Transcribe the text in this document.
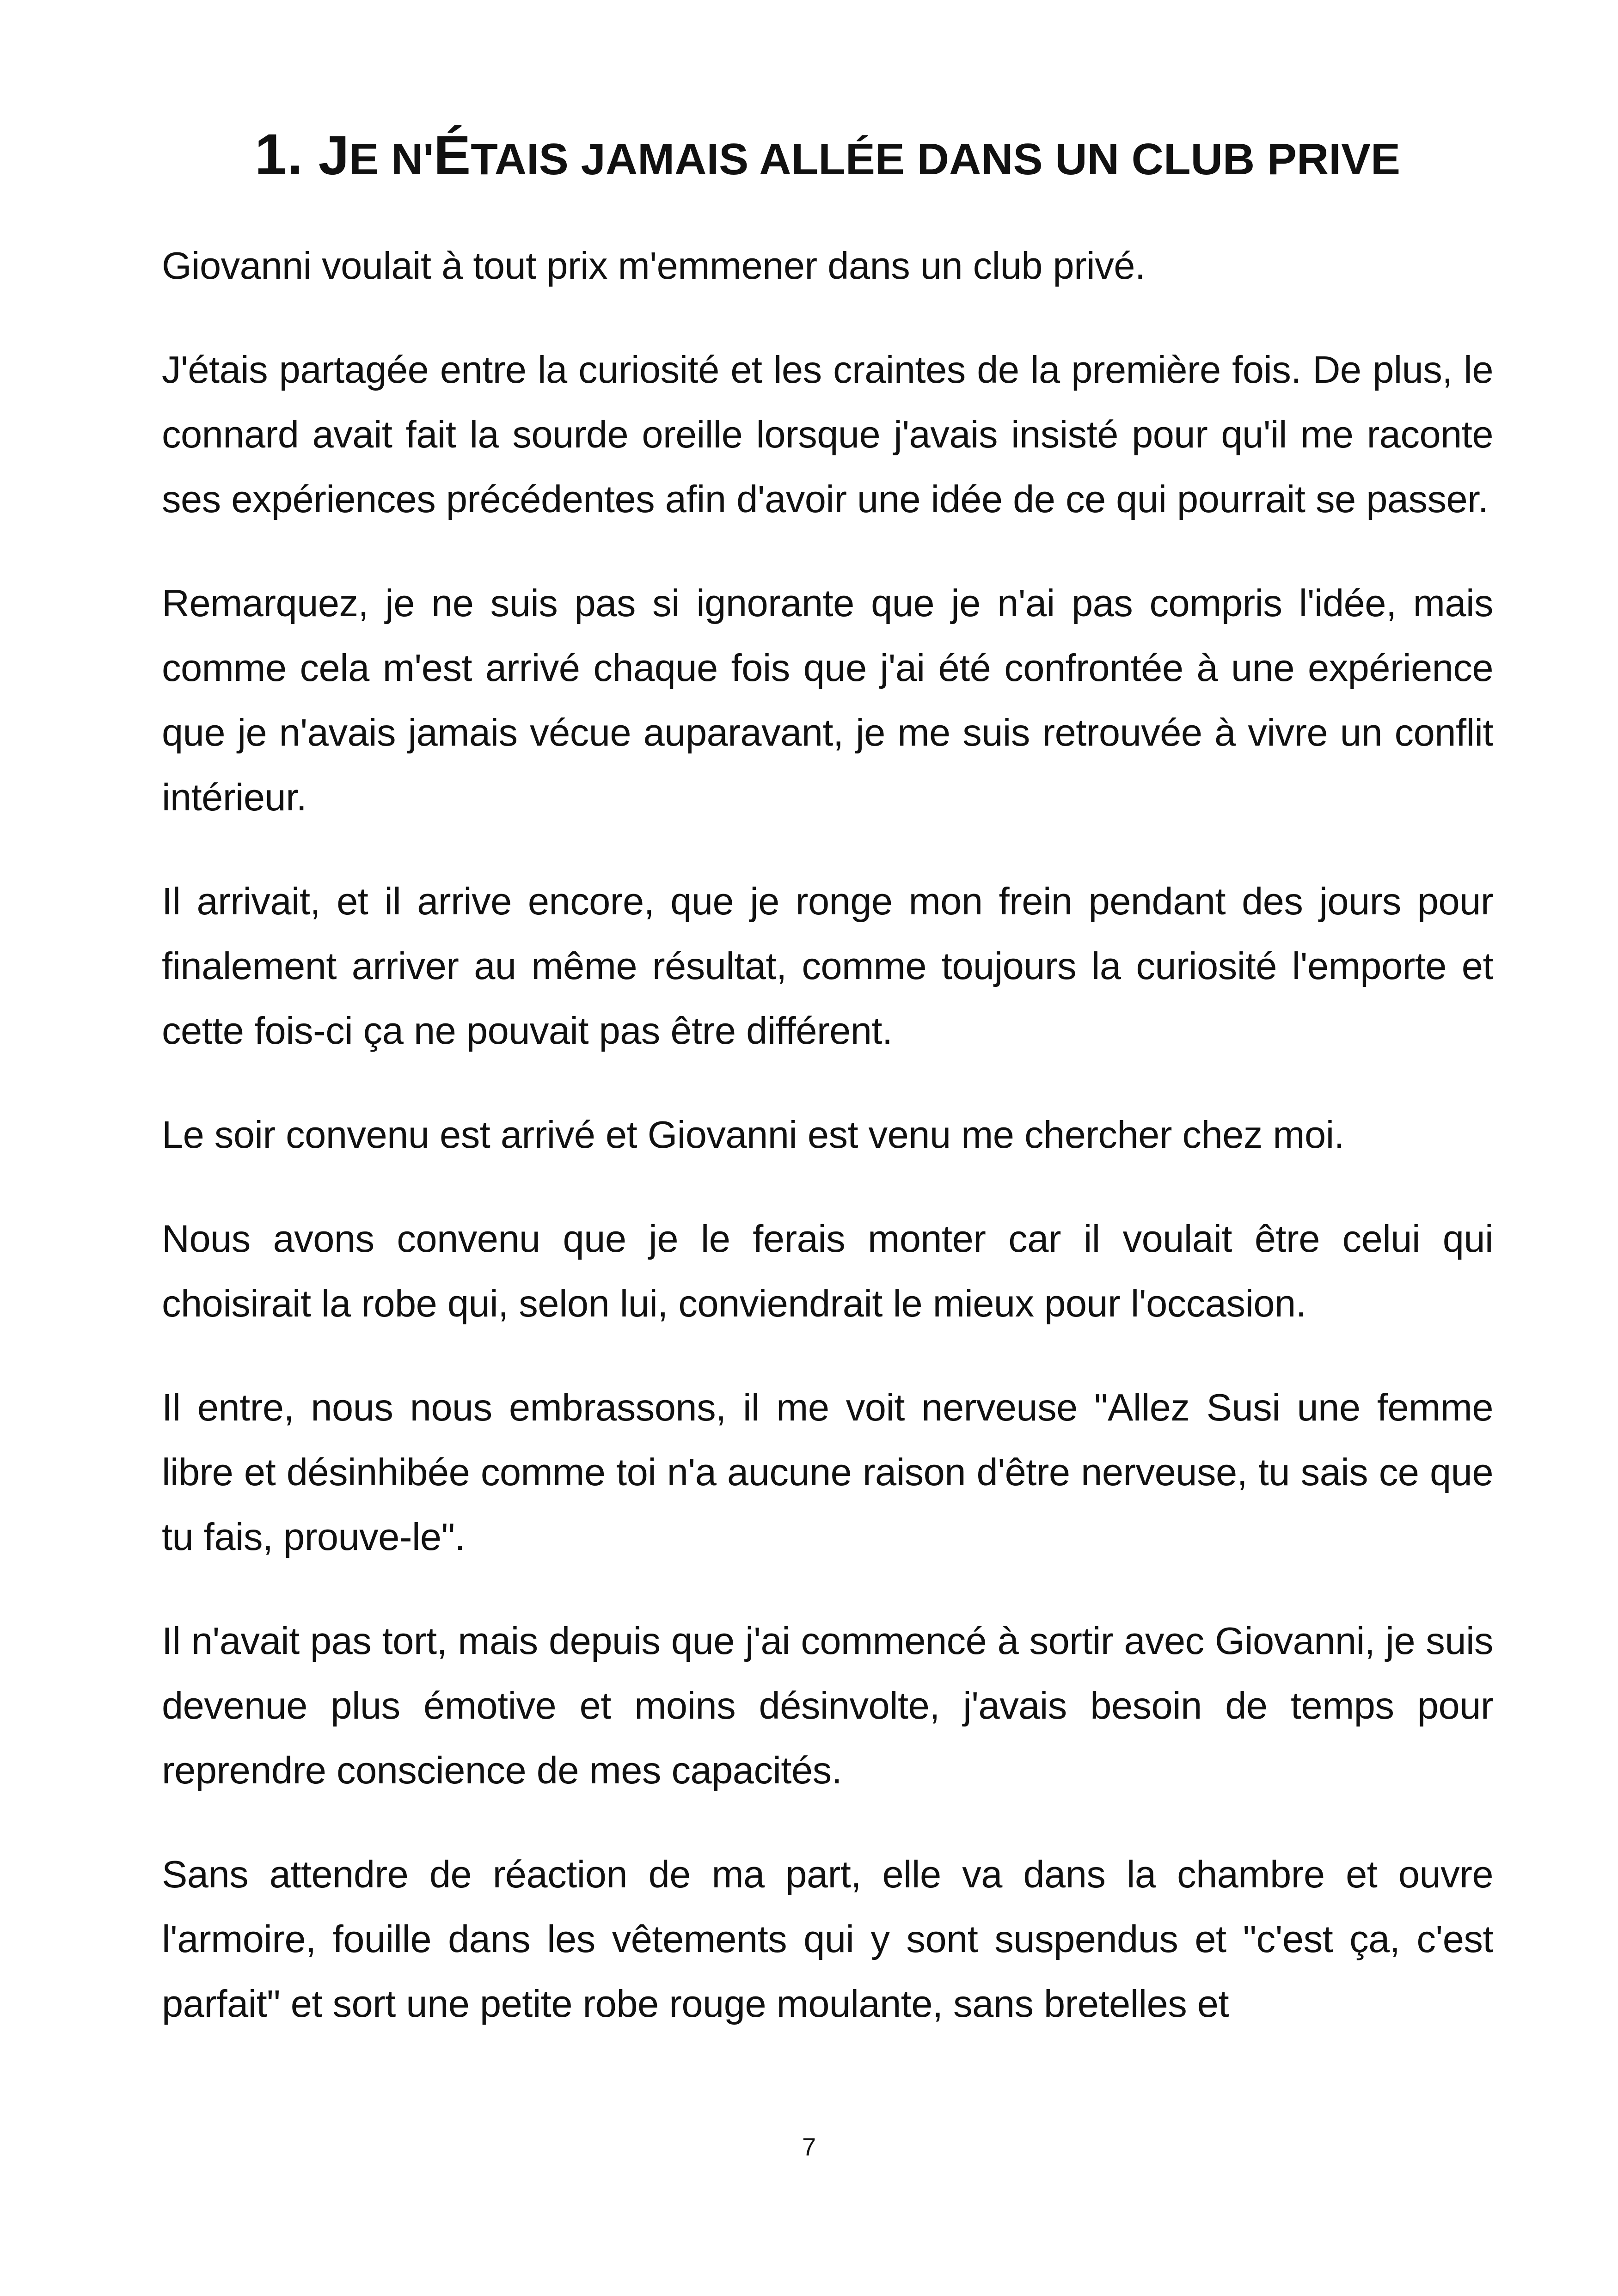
1. JE N'ÉTAIS JAMAIS ALLÉE DANS UN CLUB PRIVE

Giovanni voulait à tout prix m'emmener dans un club privé.

J'étais partagée entre la curiosité et les craintes de la première fois. De plus, le connard avait fait la sourde oreille lorsque j'avais insisté pour qu'il me raconte ses expériences précédentes afin d'avoir une idée de ce qui pourrait se passer.

Remarquez, je ne suis pas si ignorante que je n'ai pas compris l'idée, mais comme cela m'est arrivé chaque fois que j'ai été confrontée à une expérience que je n'avais jamais vécue auparavant, je me suis retrouvée à vivre un conflit intérieur.

Il arrivait, et il arrive encore, que je ronge mon frein pendant des jours pour finalement arriver au même résultat, comme toujours la curiosité l'emporte et cette fois-ci ça ne pouvait pas être différent.

Le soir convenu est arrivé et Giovanni est venu me chercher chez moi.

Nous avons convenu que je le ferais monter car il voulait être celui qui choisirait la robe qui, selon lui, conviendrait le mieux pour l'occasion.

Il entre, nous nous embrassons, il me voit nerveuse "Allez Susi une femme libre et désinhibée comme toi n'a aucune raison d'être nerveuse, tu sais ce que tu fais, prouve-le".

Il n'avait pas tort, mais depuis que j'ai commencé à sortir avec Giovanni, je suis devenue plus émotive et moins désinvolte, j'avais besoin de temps pour reprendre conscience de mes capacités.

Sans attendre de réaction de ma part, elle va dans la chambre et ouvre l'armoire, fouille dans les vêtements qui y sont suspendus et "c'est ça, c'est parfait" et sort une petite robe rouge moulante, sans bretelles et

7
